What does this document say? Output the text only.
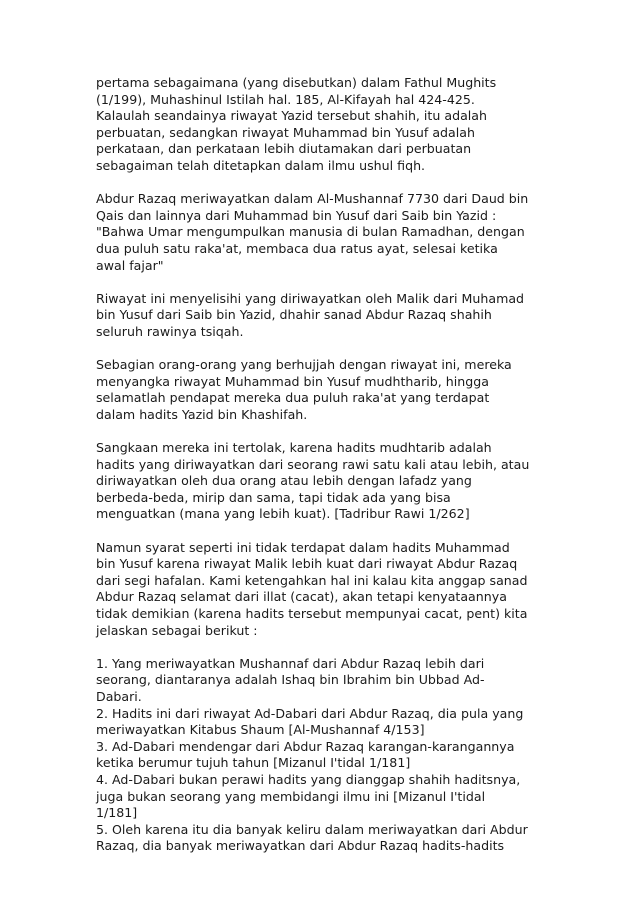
pertama sebagaimana (yang disebutkan) dalam Fathul Mughits
(1/199), Muhashinul Istilah hal. 185, Al-Kifayah hal 424-425.
Kalaulah seandainya riwayat Yazid tersebut shahih, itu adalah
perbuatan, sedangkan riwayat Muhammad bin Yusuf adalah
perkataan, dan perkataan lebih diutamakan dari perbuatan
sebagaiman telah ditetapkan dalam ilmu ushul fiqh.
Abdur Razaq meriwayatkan dalam Al-Mushannaf 7730 dari Daud bin
Qais dan lainnya dari Muhammad bin Yusuf dari Saib bin Yazid :
"Bahwa Umar mengumpulkan manusia di bulan Ramadhan, dengan
dua puluh satu raka'at, membaca dua ratus ayat, selesai ketika
awal fajar"
Riwayat ini menyelisihi yang diriwayatkan oleh Malik dari Muhamad
bin Yusuf dari Saib bin Yazid, dhahir sanad Abdur Razaq shahih
seluruh rawinya tsiqah.
Sebagian orang-orang yang berhujjah dengan riwayat ini, mereka
menyangka riwayat Muhammad bin Yusuf mudhtharib, hingga
selamatlah pendapat mereka dua puluh raka'at yang terdapat
dalam hadits Yazid bin Khashifah.
Sangkaan mereka ini tertolak, karena hadits mudhtarib adalah
hadits yang diriwayatkan dari seorang rawi satu kali atau lebih, atau
diriwayatkan oleh dua orang atau lebih dengan lafadz yang
berbeda-beda, mirip dan sama, tapi tidak ada yang bisa
menguatkan (mana yang lebih kuat). [Tadribur Rawi 1/262]
Namun syarat seperti ini tidak terdapat dalam hadits Muhammad
bin Yusuf karena riwayat Malik lebih kuat dari riwayat Abdur Razaq
dari segi hafalan. Kami ketengahkan hal ini kalau kita anggap sanad
Abdur Razaq selamat dari illat (cacat), akan tetapi kenyataannya
tidak demikian (karena hadits tersebut mempunyai cacat, pent) kita
jelaskan sebagai berikut :
1. Yang meriwayatkan Mushannaf dari Abdur Razaq lebih dari
seorang, diantaranya adalah Ishaq bin Ibrahim bin Ubbad Ad-
Dabari.
2. Hadits ini dari riwayat Ad-Dabari dari Abdur Razaq, dia pula yang
meriwayatkan Kitabus Shaum [Al-Mushannaf 4/153]
3. Ad-Dabari mendengar dari Abdur Razaq karangan-karangannya
ketika berumur tujuh tahun [Mizanul I'tidal 1/181]
4. Ad-Dabari bukan perawi hadits yang dianggap shahih haditsnya,
juga bukan seorang yang membidangi ilmu ini [Mizanul I'tidal
1/181]
5. Oleh karena itu dia banyak keliru dalam meriwayatkan dari Abdur
Razaq, dia banyak meriwayatkan dari Abdur Razaq hadits-hadits
